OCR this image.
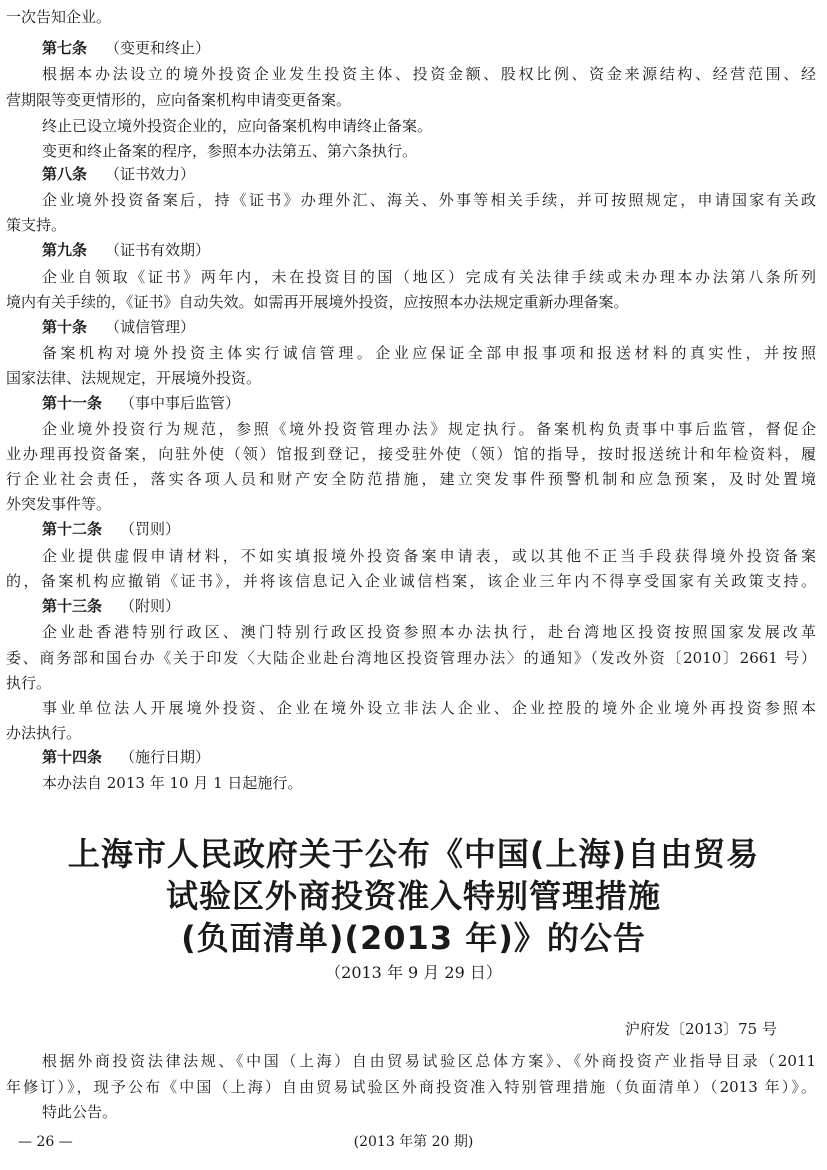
一次告知企业。
第七条 （变更和终止）
根据本办法设立的境外投资企业发生投资主体、投资金额、股权比例、资金来源结构、经营范围、经
营期限等变更情形的，应向备案机构申请变更备案。
终止已设立境外投资企业的，应向备案机构申请终止备案。
变更和终止备案的程序，参照本办法第五、第六条执行。
第八条 （证书效力）
企业境外投资备案后，持《证书》办理外汇、海关、外事等相关手续，并可按照规定，申请国家有关政
策支持。
第九条 （证书有效期）
企业自领取《证书》两年内，未在投资目的国（地区）完成有关法律手续或未办理本办法第八条所列
境内有关手续的，《证书》自动失效。如需再开展境外投资，应按照本办法规定重新办理备案。
第十条 （诚信管理）
备案机构对境外投资主体实行诚信管理。企业应保证全部申报事项和报送材料的真实性，并按照
国家法律、法规规定，开展境外投资。
第十一条 （事中事后监管）
企业境外投资行为规范，参照《境外投资管理办法》规定执行。备案机构负责事中事后监管，督促企
业办理再投资备案，向驻外使（领）馆报到登记，接受驻外使（领）馆的指导，按时报送统计和年检资料，履
行企业社会责任，落实各项人员和财产安全防范措施，建立突发事件预警机制和应急预案，及时处置境
外突发事件等。
第十二条 （罚则）
企业提供虚假申请材料，不如实填报境外投资备案申请表，或以其他不正当手段获得境外投资备案
的，备案机构应撤销《证书》，并将该信息记入企业诚信档案，该企业三年内不得享受国家有关政策支持。
第十三条 （附则）
企业赴香港特别行政区、澳门特别行政区投资参照本办法执行，赴台湾地区投资按照国家发展改革
委、商务部和国台办《关于印发〈大陆企业赴台湾地区投资管理办法〉的通知》（发改外资〔2010〕2661 号）
执行。
事业单位法人开展境外投资、企业在境外设立非法人企业、企业控股的境外企业境外再投资参照本
办法执行。
第十四条 （施行日期）
本办法自 2013 年 10 月 1 日起施行。
上海市人民政府关于公布《中国(上海)自由贸易
试验区外商投资准入特别管理措施
(负面清单)(2013 年)》的公告
（2013 年 9 月 29 日）
沪府发〔2013〕75 号
根据外商投资法律法规、《中国（上海）自由贸易试验区总体方案》、《外商投资产业指导目录（2011
年修订）》，现予公布《中国（上海）自由贸易试验区外商投资准入特别管理措施（负面清单）（2013 年）》。
特此公告。
— 26 —	(2013 年第 20 期)
